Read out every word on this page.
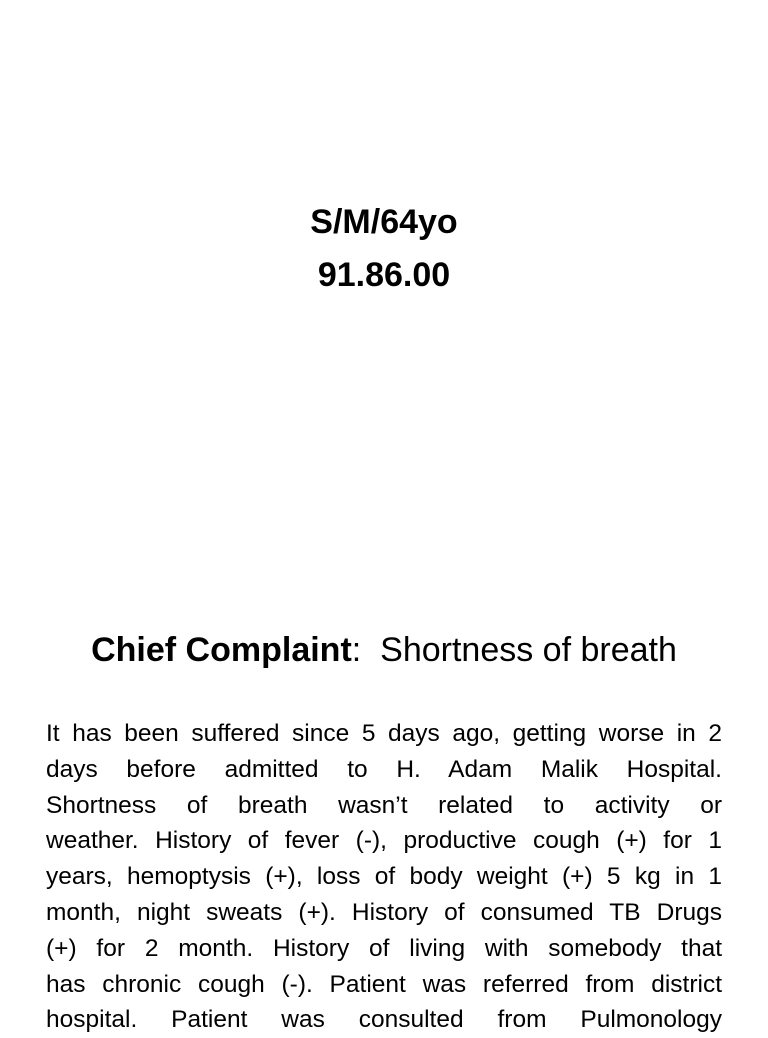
S/M/64yo
91.86.00
Chief Complaint: Shortness of breath
It has been suffered since 5 days ago, getting worse in 2
days before admitted to H. Adam Malik Hospital.
Shortness of breath wasn’t related to activity or
weather. History of fever (-), productive cough (+) for 1
years, hemoptysis (+), loss of body weight (+) 5 kg in 1
month, night sweats (+). History of consumed TB Drugs
(+) for 2 month. History of living with somebody that
has chronic cough (-). Patient was referred from district
hospital. Patient was consulted from Pulmonology
